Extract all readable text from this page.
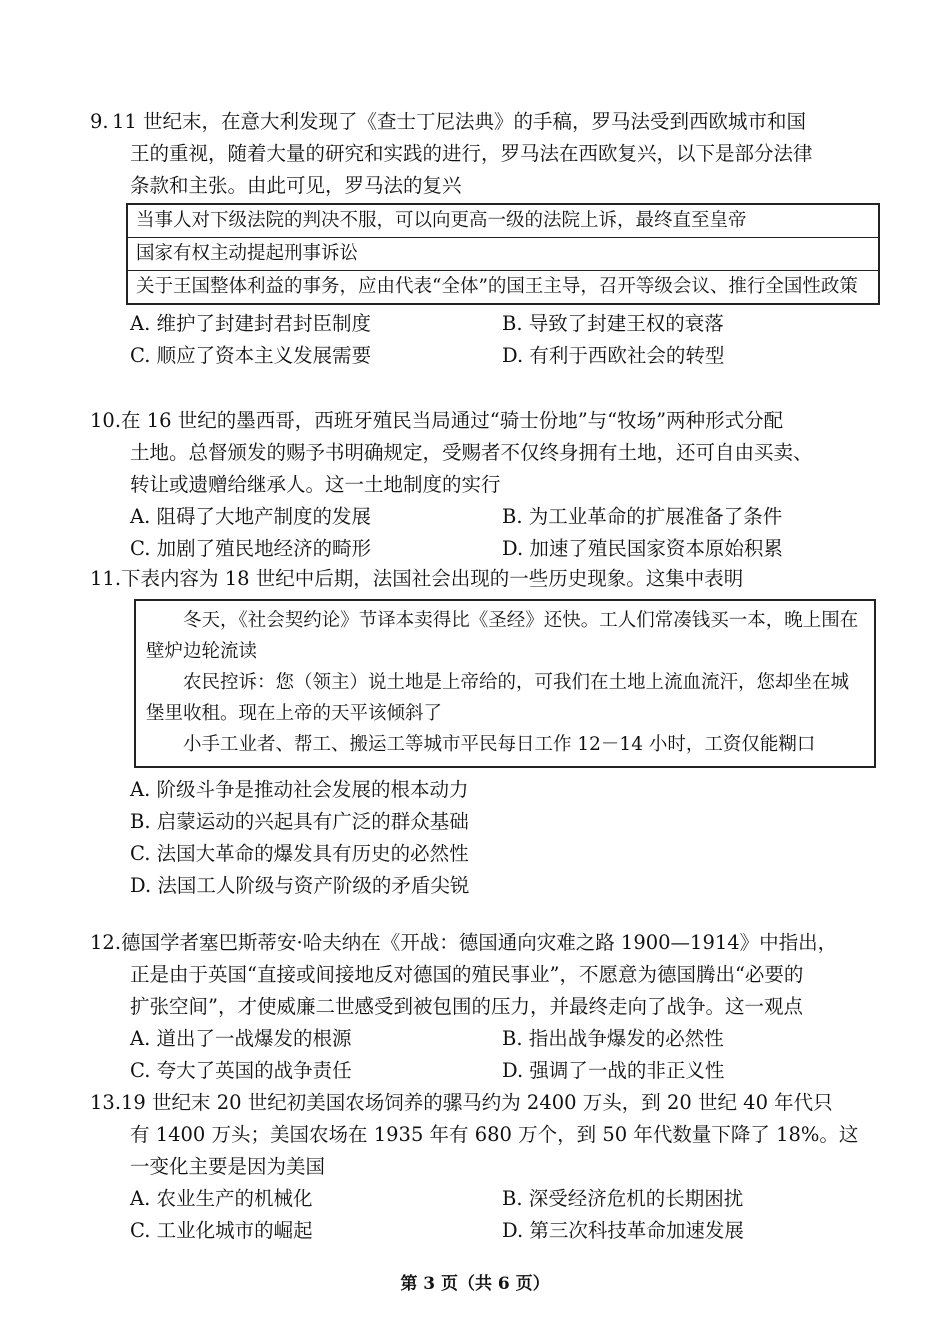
9. 11 世纪末，在意大利发现了《查士丁尼法典》的手稿，罗马法受到西欧城市和国

王的重视，随着大量的研究和实践的进行，罗马法在西欧复兴，以下是部分法律
条款和主张。由此可见，罗马法的复兴
当事人对下级法院的判决不服，可以向更高一级的法院上诉，最终直至皇帝
国家有权主动提起刑事诉讼
关于王国整体利益的事务，应由代表“全体”的国王主导，召开等级会议、推行全国性政策
A. 维护了封建封君封臣制度	B. 导致了封建王权的衰落
C. 顺应了资本主义发展需要	D. 有利于西欧社会的转型

10.在 16 世纪的墨西哥，西班牙殖民当局通过“骑士份地”与“牧场”两种形式分配

土地。总督颁发的赐予书明确规定，受赐者不仅终身拥有土地，还可自由买卖、
转让或遗赠给继承人。这一土地制度的实行
A. 阻碍了大地产制度的发展	B. 为工业革命的扩展准备了条件
C. 加剧了殖民地经济的畸形	D. 加速了殖民国家资本原始积累

11.下表内容为 18 世纪中后期，法国社会出现的一些历史现象。这集中表明

冬天，《社会契约论》节译本卖得比《圣经》还快。工人们常凑钱买一本，晚上围在壁炉边轮流读
农民控诉：您（领主）说土地是上帝给的，可我们在土地上流血流汗，您却坐在城堡里收租。现在上帝的天平该倾斜了
小手工业者、帮工、搬运工等城市平民每日工作 12－14 小时，工资仅能糊口
A. 阶级斗争是推动社会发展的根本动力
B. 启蒙运动的兴起具有广泛的群众基础
C. 法国大革命的爆发具有历史的必然性
D. 法国工人阶级与资产阶级的矛盾尖锐

12.德国学者塞巴斯蒂安·哈夫纳在《开战：德国通向灾难之路 1900—1914》中指出，

正是由于英国“直接或间接地反对德国的殖民事业”，不愿意为德国腾出“必要的
扩张空间”，才使威廉二世感受到被包围的压力，并最终走向了战争。这一观点
A. 道出了一战爆发的根源	B. 指出战争爆发的必然性
C. 夸大了英国的战争责任	D. 强调了一战的非正义性

13.19 世纪末 20 世纪初美国农场饲养的骡马约为 2400 万头，到 20 世纪 40 年代只

有 1400 万头；美国农场在 1935 年有 680 万个，到 50 年代数量下降了 18%。这
一变化主要是因为美国
A. 农业生产的机械化	B. 深受经济危机的长期困扰
C. 工业化城市的崛起	D. 第三次科技革命加速发展
第 3 页（共 6 页）
